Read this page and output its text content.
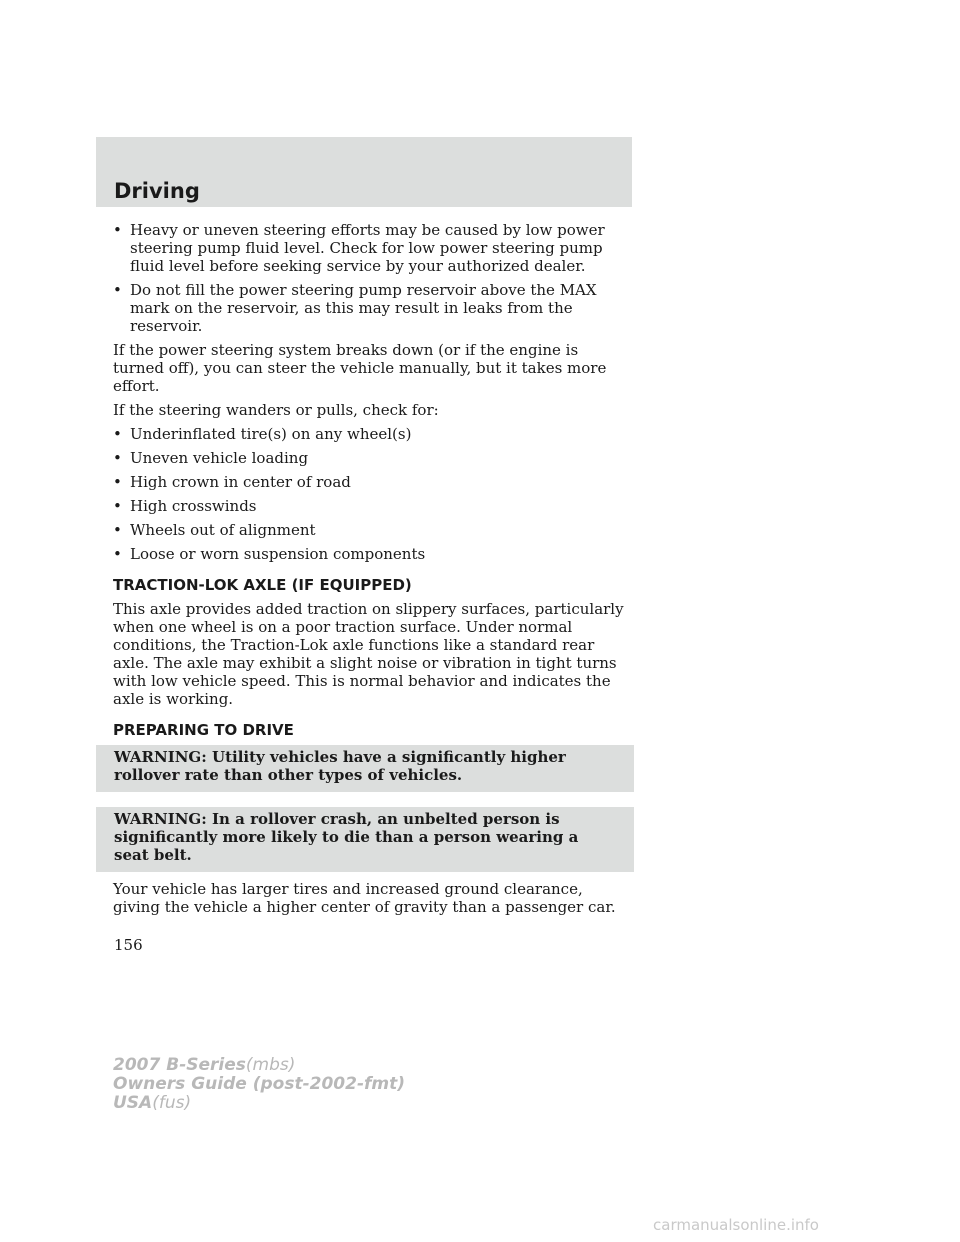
Driving
• Heavy or uneven steering efforts may be caused by low power steering pump fluid level. Check for low power steering pump fluid level before seeking service by your authorized dealer.
• Do not fill the power steering pump reservoir above the MAX mark on the reservoir, as this may result in leaks from the reservoir.

If the power steering system breaks down (or if the engine is turned off), you can steer the vehicle manually, but it takes more effort.

If the steering wanders or pulls, check for:

• Underinflated tire(s) on any wheel(s)
• Uneven vehicle loading
• High crown in center of road
• High crosswinds
• Wheels out of alignment
• Loose or worn suspension components
TRACTION-LOK AXLE (IF EQUIPPED)

This axle provides added traction on slippery surfaces, particularly when one wheel is on a poor traction surface. Under normal conditions, the Traction-Lok axle functions like a standard rear axle. The axle may exhibit a slight noise or vibration in tight turns with low vehicle speed. This is normal behavior and indicates the axle is working.

PREPARING TO DRIVE
WARNING: Utility vehicles have a significantly higher rollover rate than other types of vehicles.
WARNING: In a rollover crash, an unbelted person is significantly more likely to die than a person wearing a seat belt.

Your vehicle has larger tires and increased ground clearance, giving the vehicle a higher center of gravity than a passenger car.

156
2007 B-Series(mbs)
Owners Guide (post-2002-fmt)
USA(fus)
carmanualsonline.info
